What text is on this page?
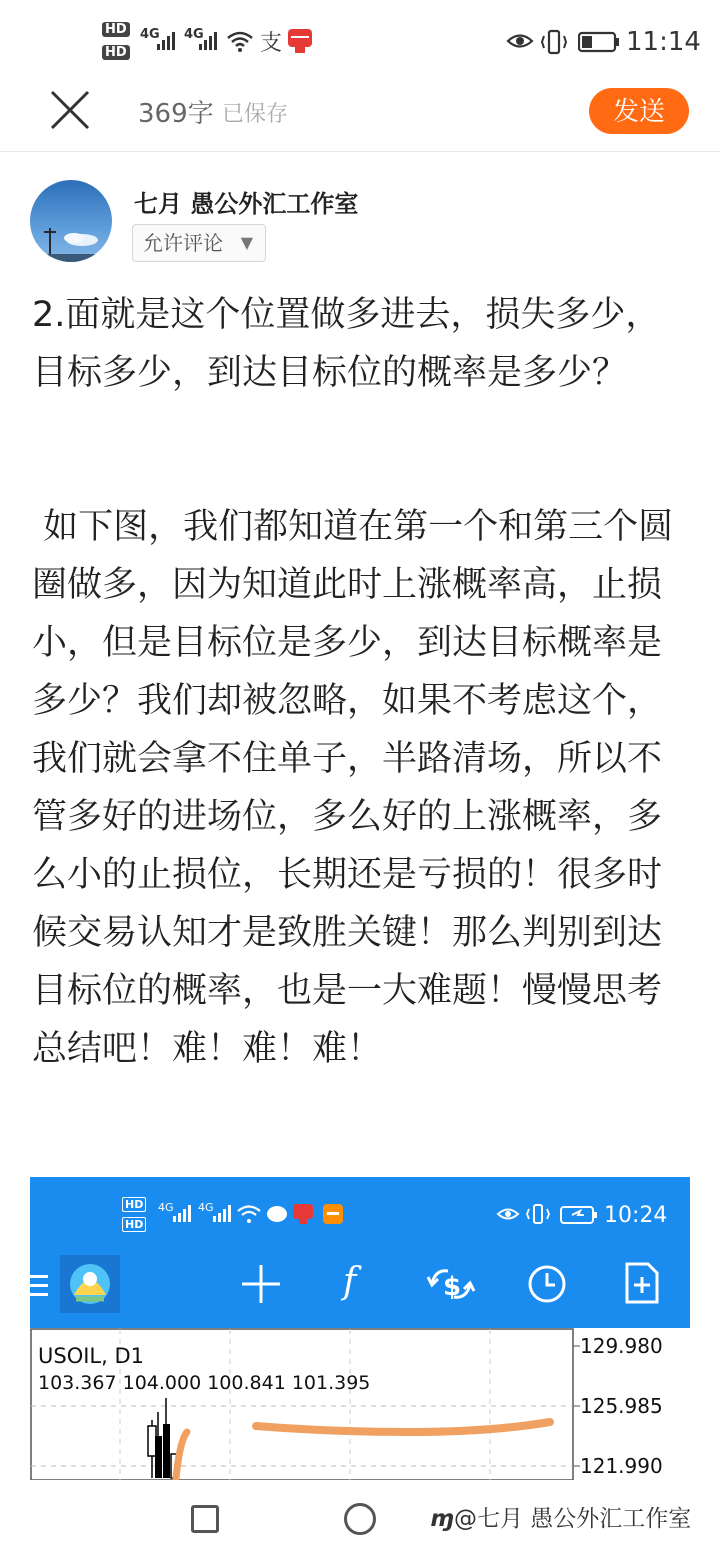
HD
HD
4G 4G	支	11:14
369字 已保存	发送
七月 愚公外汇工作室
允许评论 ▼

2.面就是这个位置做多进去，损失多少，目标多少，到达目标位的概率是多少？

如下图，我们都知道在第一个和第三个圆圈做多，因为知道此时上涨概率高，止损小，但是目标位是多少，到达目标概率是多少？我们却被忽略，如果不考虑这个，我们就会拿不住单子，半路清场，所以不管多好的进场位，多么好的上涨概率，多么小的止损位，长期还是亏损的！很多时候交易认知才是致胜关键！那么判别到达目标位的概率，也是一大难题！慢慢思考总结吧！难！难！难！

HD
HD
4G 4G	10:24
f	$
USOIL, D1
103.367 104.000 100.841 101.395
129.980
125.985
121.990
ɱ@七月 愚公外汇工作室
